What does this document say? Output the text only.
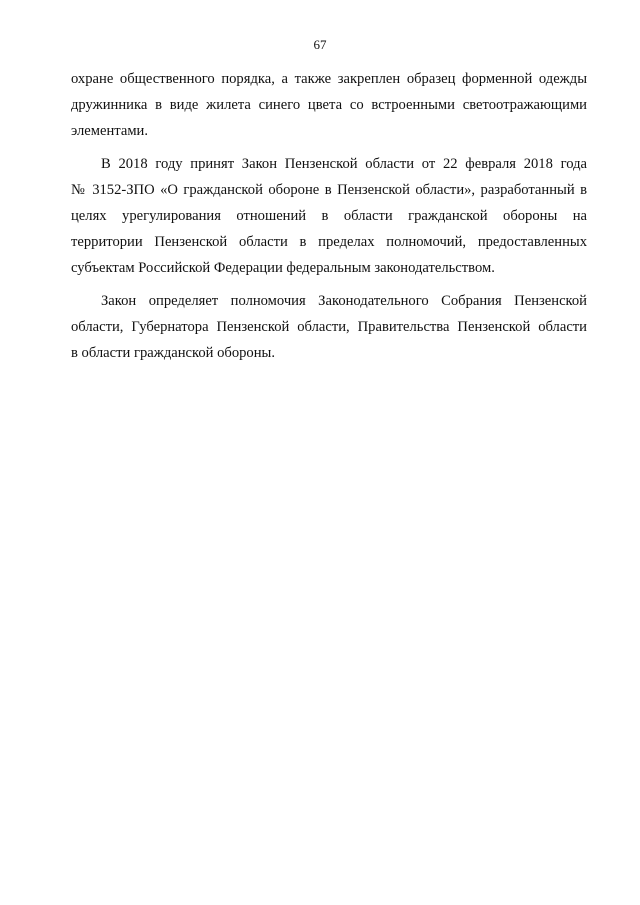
67

охране общественного порядка, а также закреплен образец форменной одежды
дружинника в виде жилета синего цвета со встроенными светоотражающими
элементами.

В 2018 году принят Закон Пензенской области от 22 февраля 2018 года
№ 3152-ЗПО «О гражданской обороне в Пензенской области», разработанный в
целях урегулирования отношений в области гражданской обороны на
территории Пензенской области в пределах полномочий, предоставленных
субъектам Российской Федерации федеральным законодательством.

Закон определяет полномочия Законодательного Собрания Пензенской
области, Губернатора Пензенской области, Правительства Пензенской области
в области гражданской обороны.
